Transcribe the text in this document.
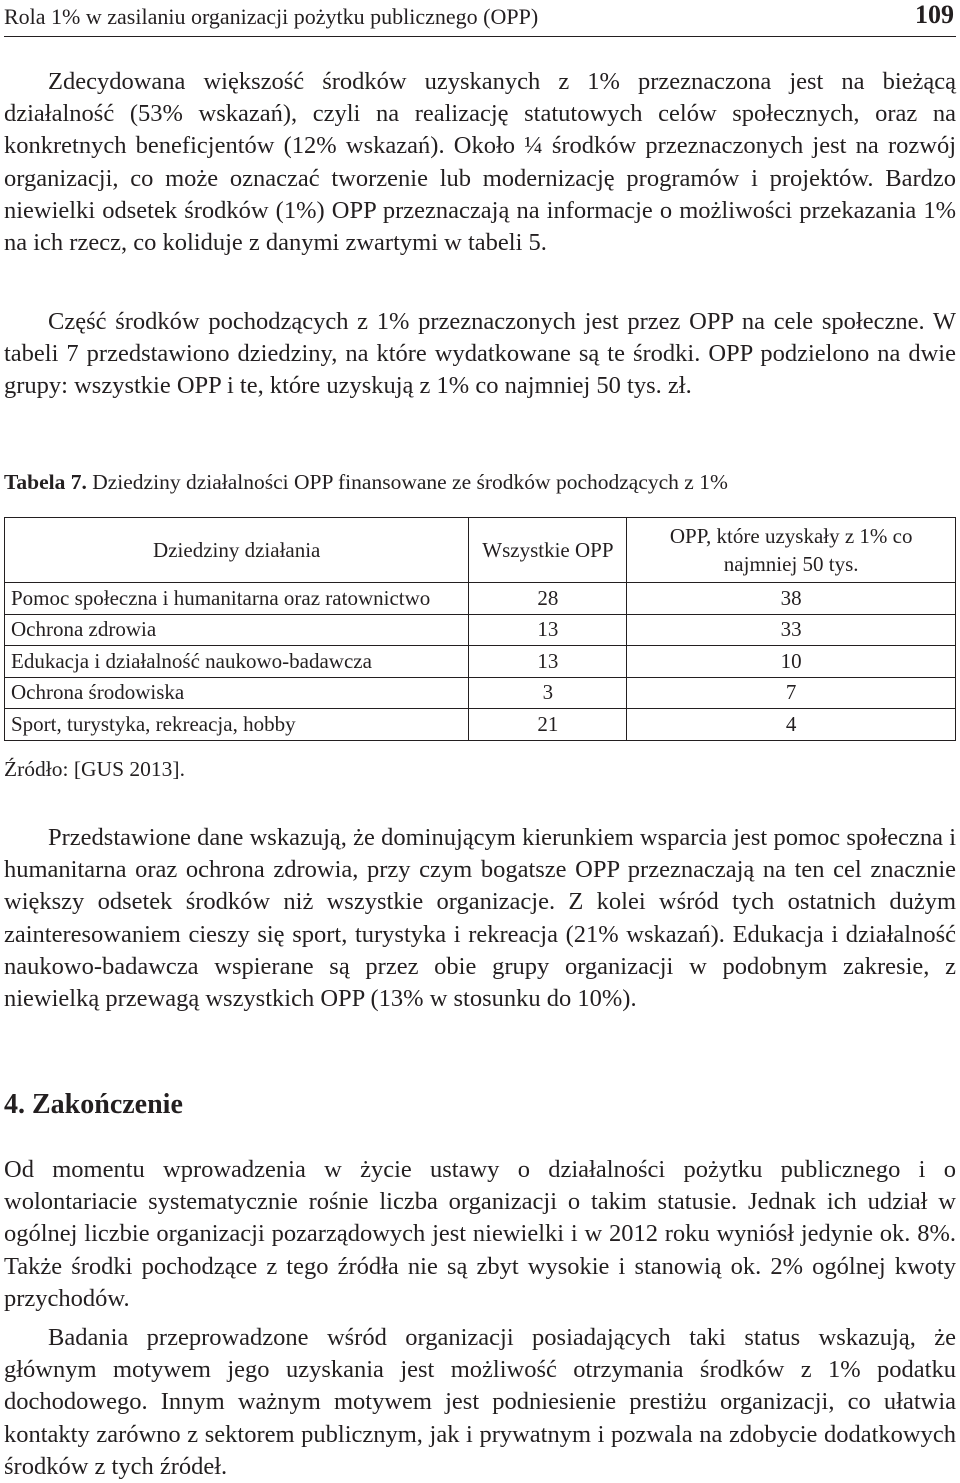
Rola 1% w zasilaniu organizacji pożytku publicznego (OPP)	109

Zdecydowana większość środków uzyskanych z 1% przeznaczona jest na bieżącą działalność (53% wskazań), czyli na realizację statutowych celów społecznych, oraz na konkretnych beneficjentów (12% wskazań). Około ¼ środków przeznaczonych jest na rozwój organizacji, co może oznaczać tworzenie lub modernizację programów i projektów. Bardzo niewielki odsetek środków (1%) OPP przeznaczają na informacje o możliwości przekazania 1% na ich rzecz, co koliduje z danymi zwartymi w tabeli 5.

Część środków pochodzących z 1% przeznaczonych jest przez OPP na cele społeczne. W tabeli 7 przedstawiono dziedziny, na które wydatkowane są te środki. OPP podzielono na dwie grupy: wszystkie OPP i te, które uzyskują z 1% co najmniej 50 tys. zł.

Tabela 7. Dziedziny działalności OPP finansowane ze środków pochodzących z 1%
Dziedziny działania	Wszystkie OPP	OPP, które uzyskały z 1% co najmniej 50 tys.
Pomoc społeczna i humanitarna oraz ratownictwo	28	38
Ochrona zdrowia	13	33
Edukacja i działalność naukowo-badawcza	13	10
Ochrona środowiska	3	7
Sport, turystyka, rekreacja, hobby	21	4
Źródło: [GUS 2013].

Przedstawione dane wskazują, że dominującym kierunkiem wsparcia jest pomoc społeczna i humanitarna oraz ochrona zdrowia, przy czym bogatsze OPP przeznaczają na ten cel znacznie większy odsetek środków niż wszystkie organizacje. Z kolei wśród tych ostatnich dużym zainteresowaniem cieszy się sport, turystyka i rekreacja (21% wskazań). Edukacja i działalność naukowo-badawcza wspierane są przez obie grupy organizacji w podobnym zakresie, z niewielką przewagą wszystkich OPP (13% w stosunku do 10%).

4. Zakończenie

Od momentu wprowadzenia w życie ustawy o działalności pożytku publicznego i o wolontariacie systematycznie rośnie liczba organizacji o takim statusie. Jednak ich udział w ogólnej liczbie organizacji pozarządowych jest niewielki i w 2012 roku wyniósł jedynie ok. 8%. Także środki pochodzące z tego źródła nie są zbyt wysokie i stanowią ok. 2% ogólnej kwoty przychodów.

Badania przeprowadzone wśród organizacji posiadających taki status wskazują, że głównym motywem jego uzyskania jest możliwość otrzymania środków z 1% podatku dochodowego. Innym ważnym motywem jest podniesienie prestiżu organizacji, co ułatwia kontakty zarówno z sektorem publicznym, jak i prywatnym i pozwala na zdobycie dodatkowych środków z tych źródeł.
